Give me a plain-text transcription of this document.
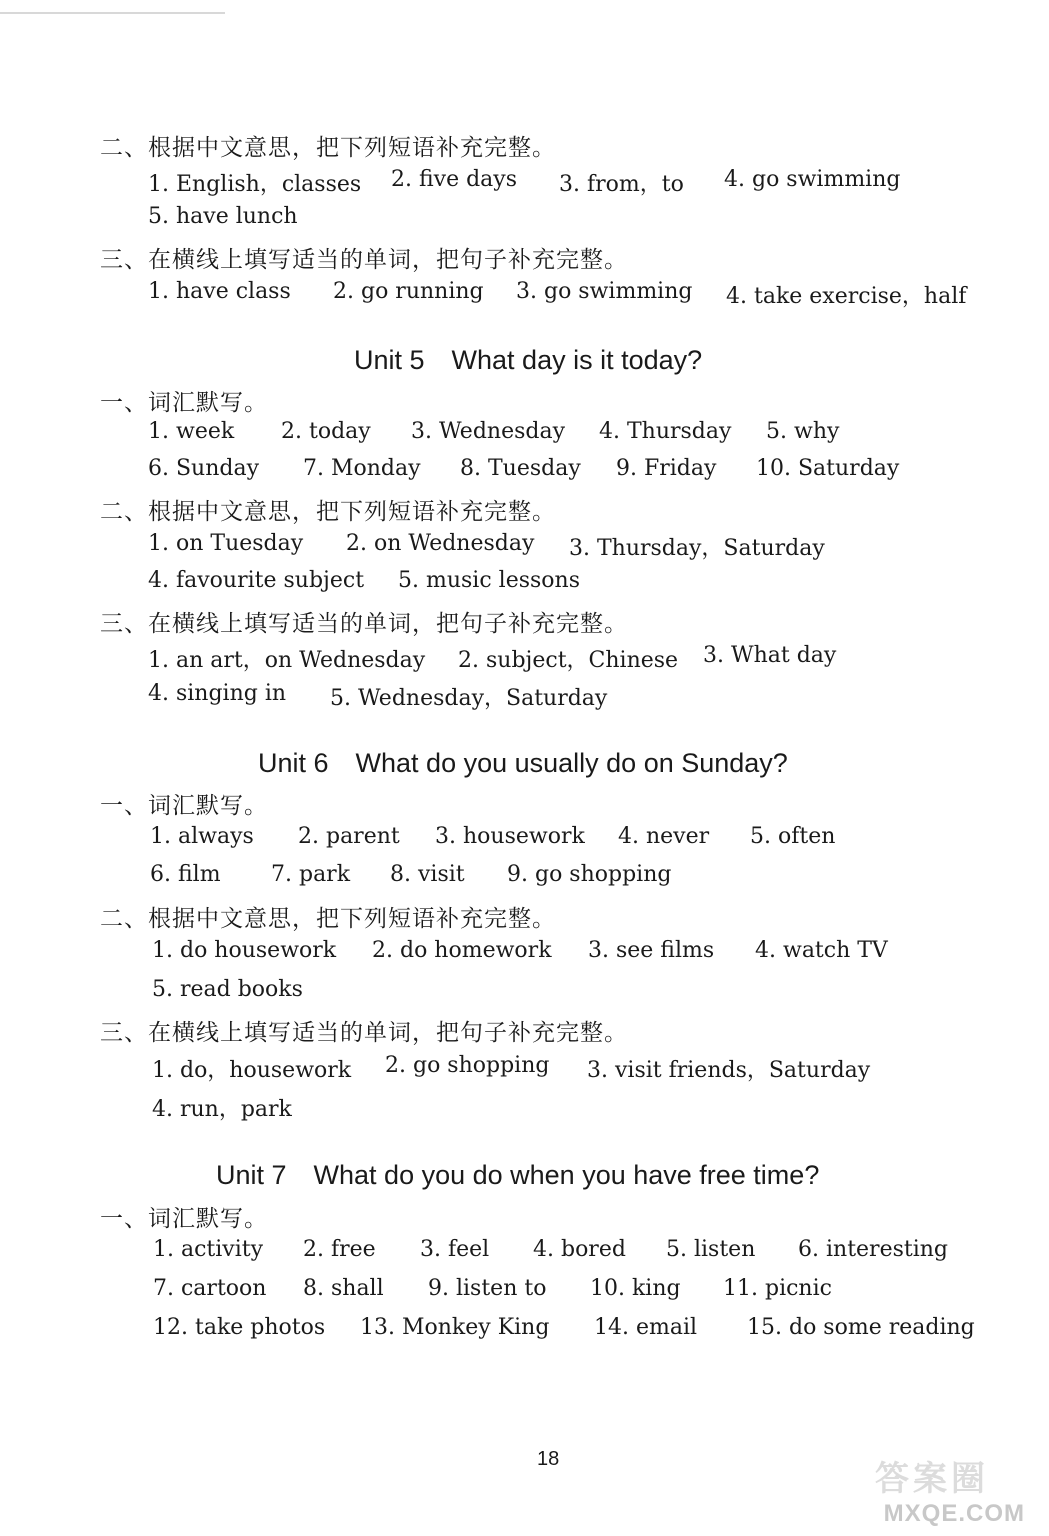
二、根据中文意思，把下列短语补充完整。
1. English，classes 2. five days 3. from，to 4. go swimming
5. have lunch
三、在横线上填写适当的单词，把句子补充完整。
1. have class 2. go running 3. go swimming 4. take exercise，half
Unit 5　What day is it today?
一、词汇默写。
1. week 2. today 3. Wednesday 4. Thursday 5. why
6. Sunday 7. Monday 8. Tuesday 9. Friday 10. Saturday
二、根据中文意思，把下列短语补充完整。
1. on Tuesday 2. on Wednesday 3. Thursday，Saturday
4. favourite subject 5. music lessons
三、在横线上填写适当的单词，把句子补充完整。
1. an art，on Wednesday 2. subject，Chinese 3. What day
4. singing in 5. Wednesday，Saturday
Unit 6　What do you usually do on Sunday?
一、词汇默写。
1. always 2. parent 3. housework 4. never 5. often
6. film 7. park 8. visit 9. go shopping
二、根据中文意思，把下列短语补充完整。
1. do housework 2. do homework 3. see films 4. watch TV
5. read books
三、在横线上填写适当的单词，把句子补充完整。
1. do，housework 2. go shopping 3. visit friends，Saturday
4. run，park
Unit 7　What do you do when you have free time?
一、词汇默写。
1. activity 2. free 3. feel 4. bored 5. listen 6. interesting
7. cartoon 8. shall 9. listen to 10. king 11. picnic
12. take photos 13. Monkey King 14. email 15. do some reading
18	答案圈
MXQE.COM
